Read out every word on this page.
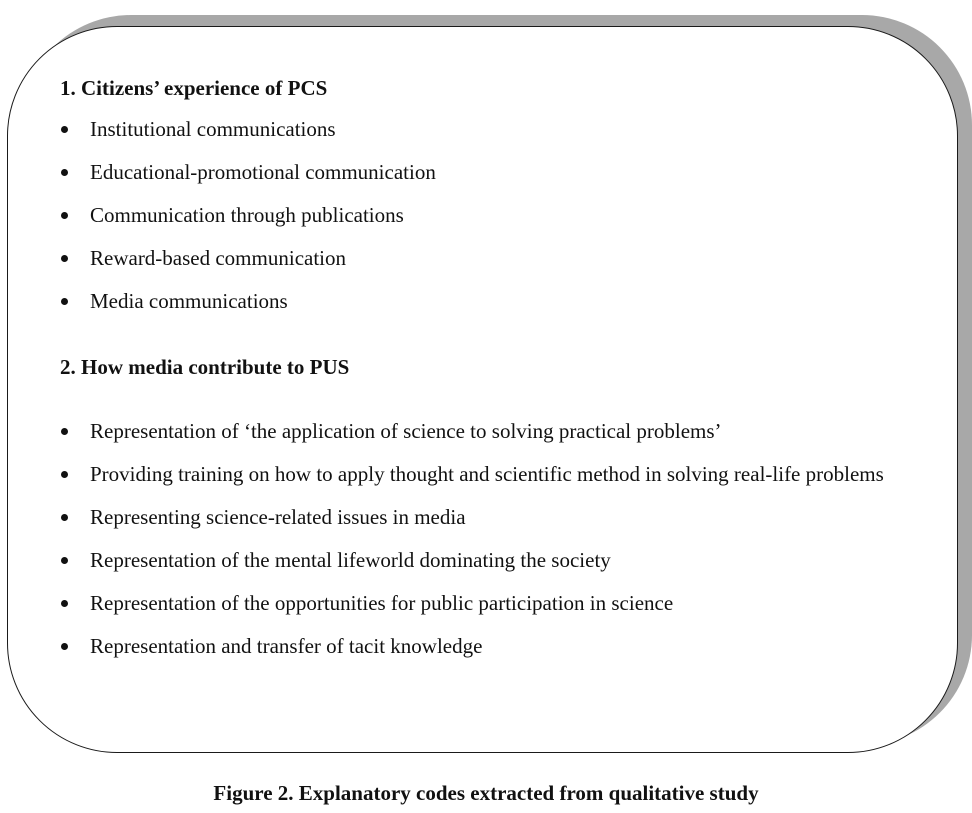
1. Citizens’ experience of PCS
Institutional communications
Educational-promotional communication
Communication through publications
Reward-based communication
Media communications
2. How media contribute to PUS
Representation of ‘the application of science to solving practical problems’
Providing training on how to apply thought and scientific method in solving real-life problems
Representing science-related issues in media
Representation of the mental lifeworld dominating the society
Representation of the opportunities for public participation in science
Representation and transfer of tacit knowledge
Figure 2. Explanatory codes extracted from qualitative study
